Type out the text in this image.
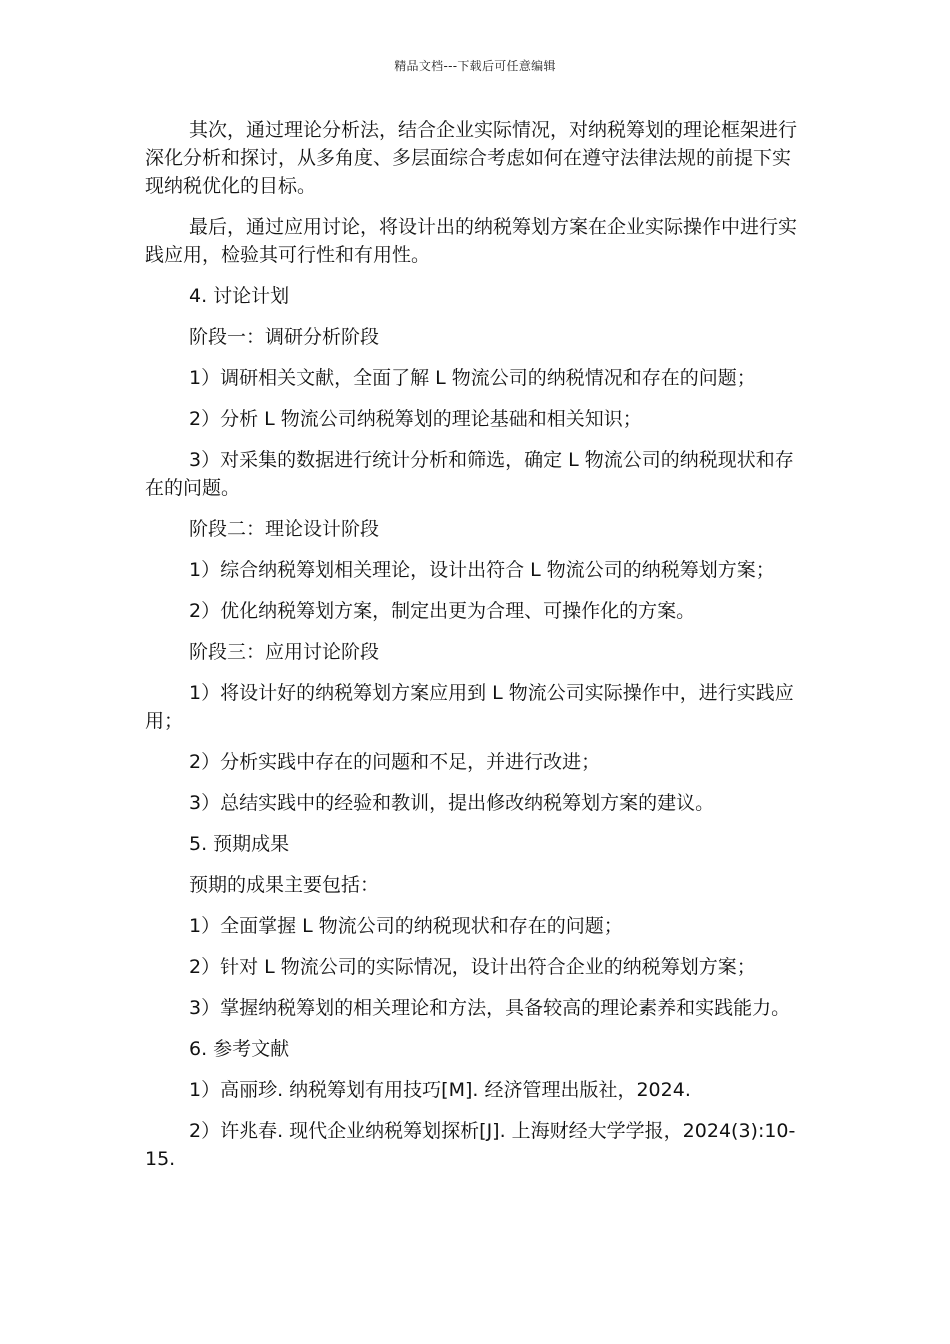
精品文档---下载后可任意编辑

其次，通过理论分析法，结合企业实际情况，对纳税筹划的理论框架进行深化分析和探讨，从多角度、多层面综合考虑如何在遵守法律法规的前提下实现纳税优化的目标。

最后，通过应用讨论，将设计出的纳税筹划方案在企业实际操作中进行实践应用，检验其可行性和有用性。

4. 讨论计划

阶段一：调研分析阶段

1）调研相关文献，全面了解 L 物流公司的纳税情况和存在的问题；

2）分析 L 物流公司纳税筹划的理论基础和相关知识；

3）对采集的数据进行统计分析和筛选，确定 L 物流公司的纳税现状和存在的问题。

阶段二：理论设计阶段

1）综合纳税筹划相关理论，设计出符合 L 物流公司的纳税筹划方案；

2）优化纳税筹划方案，制定出更为合理、可操作化的方案。

阶段三：应用讨论阶段

1）将设计好的纳税筹划方案应用到 L 物流公司实际操作中，进行实践应用；

2）分析实践中存在的问题和不足，并进行改进；

3）总结实践中的经验和教训，提出修改纳税筹划方案的建议。

5. 预期成果

预期的成果主要包括：

1）全面掌握 L 物流公司的纳税现状和存在的问题；

2）针对 L 物流公司的实际情况，设计出符合企业的纳税筹划方案；

3）掌握纳税筹划的相关理论和方法，具备较高的理论素养和实践能力。

6. 参考文献

1）高丽珍. 纳税筹划有用技巧[M]. 经济管理出版社，2024.

2）许兆春. 现代企业纳税筹划探析[J]. 上海财经大学学报，2024(3):10-15.
